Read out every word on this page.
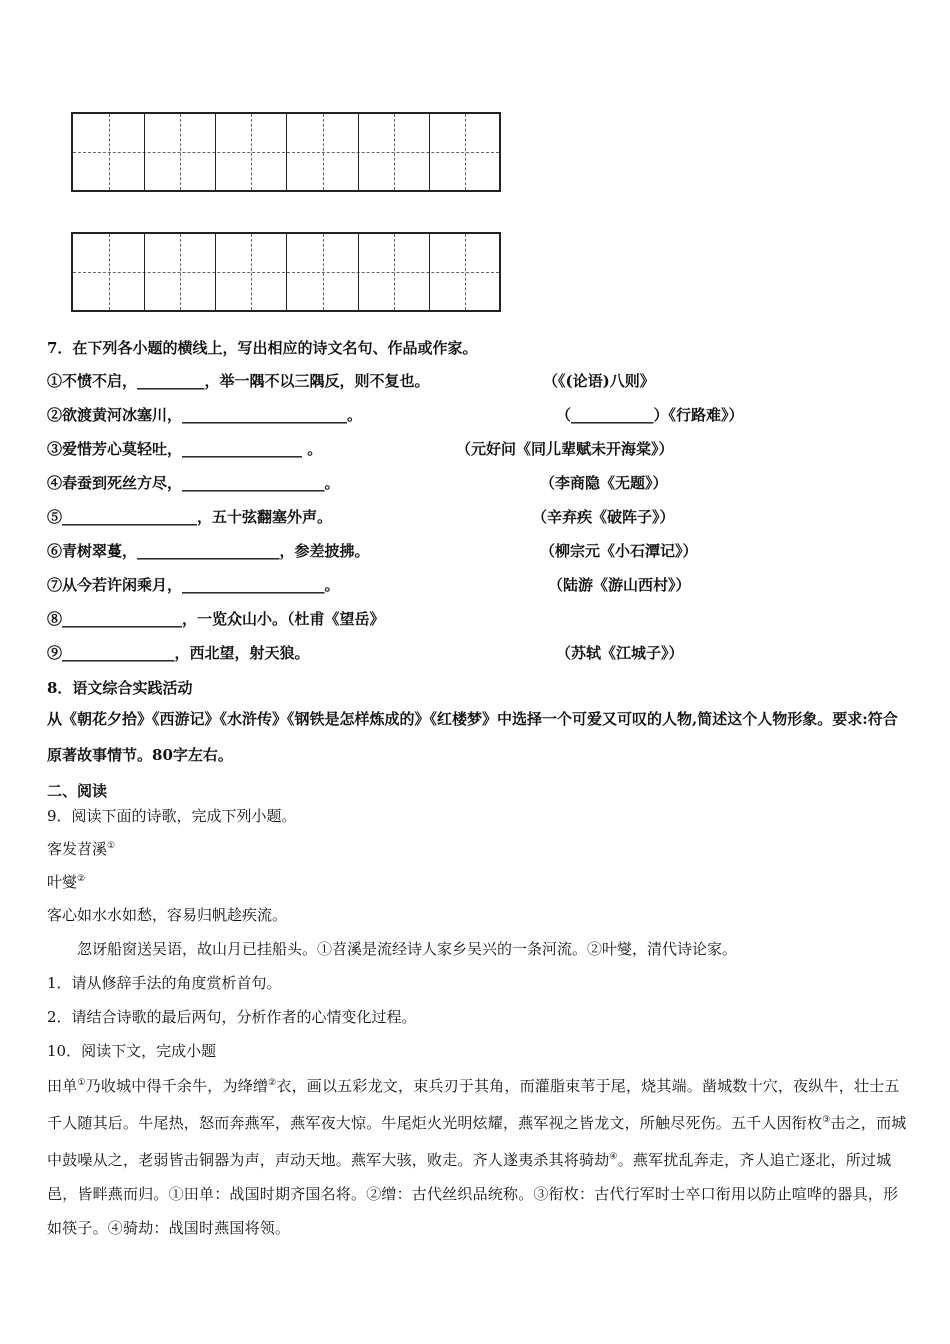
7．在下列各小题的横线上，写出相应的诗文名句、作品或作家。
①不愤不启，_________，举一隅不以三隅反，则不复也。	（《(论语)八则》
②欲渡黄河冰塞川，______________________。	（___________）《行路难》）
③爱惜芳心莫轻吐，________________ 。	（元好问《同儿辈赋未开海棠》）
④春蚕到死丝方尽，___________________。	（李商隐《无题》）
⑤__________________，五十弦翻塞外声。	（辛弃疾《破阵子》）
⑥青树翠蔓，___________________，参差披拂。	（柳宗元《小石潭记》）
⑦从今若许闲乘月，___________________。	（陆游《游山西村》）
⑧________________，一览众山小。（杜甫《望岳》
⑨_______________，西北望，射天狼。	（苏轼《江城子》）
8．语文综合实践活动
从《朝花夕拾》《西游记》《水浒传》《钢铁是怎样炼成的》《红楼梦》中选择一个可爱又可叹的人物,简述这个人物形象。要求:符合原著故事情节。80字左右。
二、阅读
9．阅读下面的诗歌，完成下列小题。
客发苕溪①
叶燮②
客心如水水如愁，容易归帆趁疾流。
忽讶船窗送吴语，故山月已挂船头。①苕溪是流经诗人家乡吴兴的一条河流。②叶燮，清代诗论家。
1．请从修辞手法的角度赏析首句。
2．请结合诗歌的最后两句，分析作者的心情变化过程。
10．阅读下文，完成小题
田单①乃收城中得千余牛，为绛缯②衣，画以五彩龙文，束兵刃于其角，而灌脂束苇于尾，烧其端。凿城数十穴，夜纵牛，壮士五千人随其后。牛尾热，怒而奔燕军，燕军夜大惊。牛尾炬火光明炫耀，燕军视之皆龙文，所触尽死伤。五千人因衔枚③击之，而城中鼓噪从之，老弱皆击铜器为声，声动天地。燕军大骇，败走。齐人遂夷杀其将骑劫④。燕军扰乱奔走，齐人追亡逐北，所过城邑，皆畔燕而归。①田单：战国时期齐国名将。②缯：古代丝织品统称。③衔枚：古代行军时士卒口衔用以防止喧哗的器具，形如筷子。④骑劫：战国时燕国将领。
